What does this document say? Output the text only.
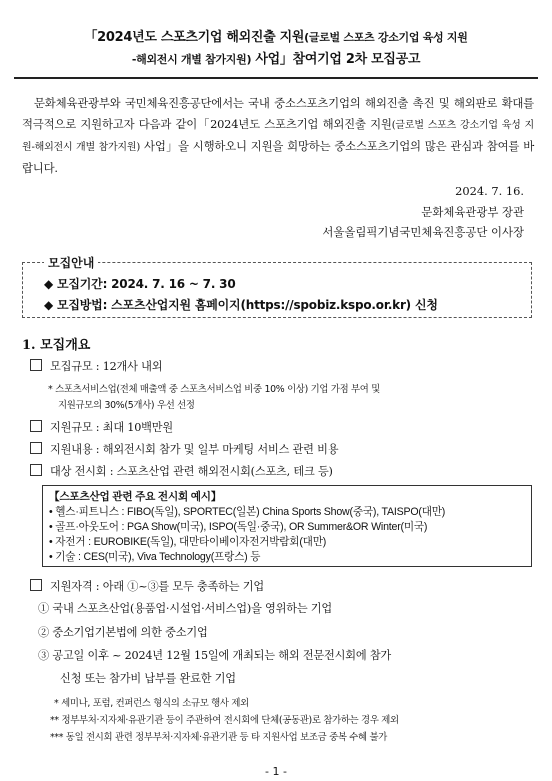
「2024년도 스포츠기업 해외진출 지원(글로벌 스포츠 강소기업 육성 지원
-해외전시 개별 참가지원) 사업」참여기업 2차 모집공고
문화체육관광부와 국민체육진흥공단에서는 국내 중소스포츠기업의 해외진출 촉진 및 해외판로 확대를 적극적으로 지원하고자 다음과 같이「2024년도 스포츠기업 해외진출 지원(글로벌 스포츠 강소기업 육성 지원-해외전시 개별 참가지원) 사업」을 시행하오니 지원을 희망하는 중소스포츠기업의 많은 관심과 참여를 바랍니다.
2024. 7. 16.
문화체육관광부 장관
서울올림픽기념국민체육진흥공단 이사장
모집안내
◆ 모집기간: 2024. 7. 16 ~ 7. 30
◆ 모집방법: 스포츠산업지원 홈페이지(https://spobiz.kspo.or.kr) 신청
1. 모집개요
모집규모 : 12개사 내외
* 스포츠서비스업(전체 매출액 중 스포츠서비스업 비중 10% 이상) 기업 가점 부여 및
지원규모의 30%(5개사) 우선 선정
지원규모 : 최대 10백만원
지원내용 : 해외전시회 참가 및 일부 마케팅 서비스 관련 비용
대상 전시회 : 스포츠산업 관련 해외전시회(스포츠, 테크 등)
【스포츠산업 관련 주요 전시회 예시】
• 헬스·피트니스 : FIBO(독일), SPORTEC(일본) China Sports Show(중국), TAISPO(대만)
• 골프·아웃도어 : PGA Show(미국), ISPO(독일·중국), OR Summer&OR Winter(미국)
• 자전거 : EUROBIKE(독일), 대만타이베이자전거박람회(대만)
• 기술 : CES(미국), Viva Technology(프랑스) 등
지원자격 : 아래 ①~③를 모두 충족하는 기업
① 국내 스포츠산업(용품업·시설업·서비스업)을 영위하는 기업
② 중소기업기본법에 의한 중소기업
③ 공고일 이후 ~ 2024년 12월 15일에 개최되는 해외 전문전시회에 참가
신청 또는 참가비 납부를 완료한 기업
* 세미나, 포럼, 컨퍼런스 형식의 소규모 행사 제외
** 정부부처·지자체·유관기관 등이 주관하여 전시회에 단체(공동관)로 참가하는 경우 제외
*** 동일 전시회 관련 정부부처·지자체·유관기관 등 타 지원사업 보조금 중복 수혜 불가
- 1 -
